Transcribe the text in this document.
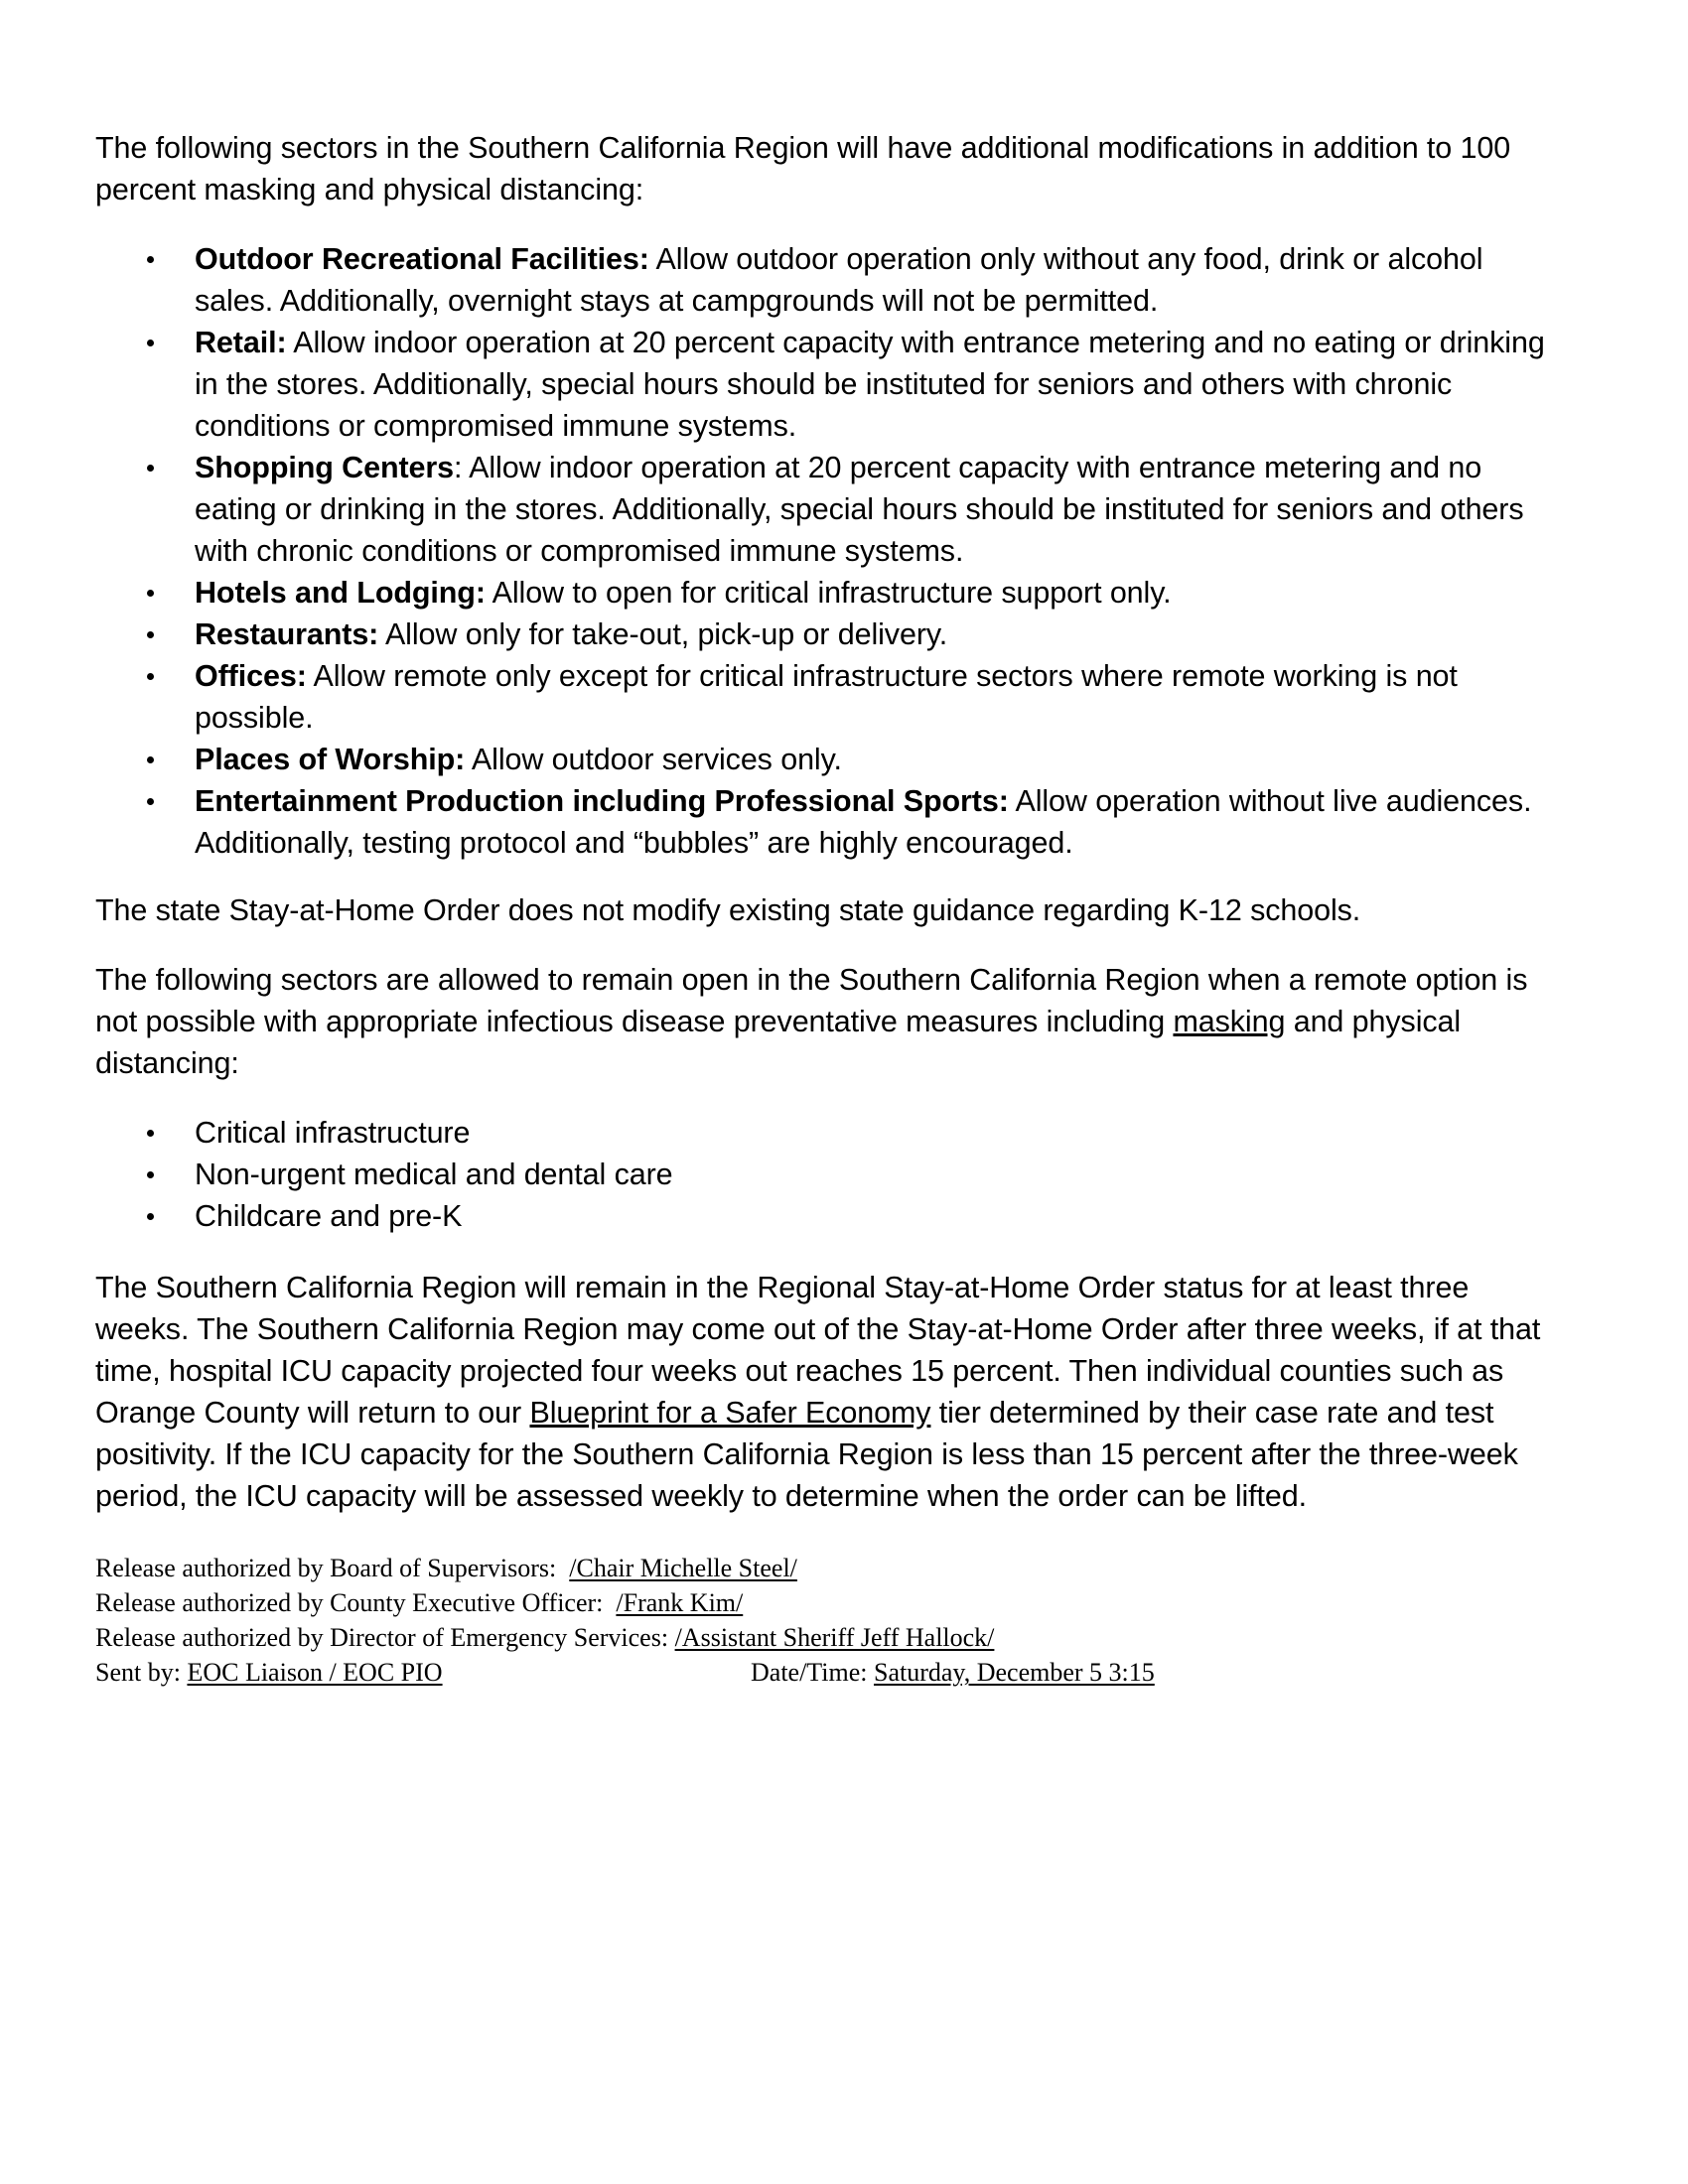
The following sectors in the Southern California Region will have additional modifications in addition to 100 percent masking and physical distancing:

Outdoor Recreational Facilities: Allow outdoor operation only without any food, drink or alcohol sales. Additionally, overnight stays at campgrounds will not be permitted.
Retail: Allow indoor operation at 20 percent capacity with entrance metering and no eating or drinking in the stores. Additionally, special hours should be instituted for seniors and others with chronic conditions or compromised immune systems.
Shopping Centers: Allow indoor operation at 20 percent capacity with entrance metering and no eating or drinking in the stores. Additionally, special hours should be instituted for seniors and others with chronic conditions or compromised immune systems.
Hotels and Lodging: Allow to open for critical infrastructure support only.
Restaurants: Allow only for take-out, pick-up or delivery.
Offices: Allow remote only except for critical infrastructure sectors where remote working is not possible.
Places of Worship: Allow outdoor services only.
Entertainment Production including Professional Sports: Allow operation without live audiences. Additionally, testing protocol and “bubbles” are highly encouraged.

The state Stay-at-Home Order does not modify existing state guidance regarding K-12 schools.

The following sectors are allowed to remain open in the Southern California Region when a remote option is not possible with appropriate infectious disease preventative measures including masking and physical distancing:

Critical infrastructure
Non-urgent medical and dental care
Childcare and pre-K

The Southern California Region will remain in the Regional Stay-at-Home Order status for at least three weeks. The Southern California Region may come out of the Stay-at-Home Order after three weeks, if at that time, hospital ICU capacity projected four weeks out reaches 15 percent. Then individual counties such as Orange County will return to our Blueprint for a Safer Economy tier determined by their case rate and test positivity. If the ICU capacity for the Southern California Region is less than 15 percent after the three-week period, the ICU capacity will be assessed weekly to determine when the order can be lifted.

Release authorized by Board of Supervisors: /Chair Michelle Steel/
Release authorized by County Executive Officer: /Frank Kim/
Release authorized by Director of Emergency Services: /Assistant Sheriff Jeff Hallock/
Sent by: EOC Liaison / EOC PIO	Date/Time: Saturday, December 5 3:15
